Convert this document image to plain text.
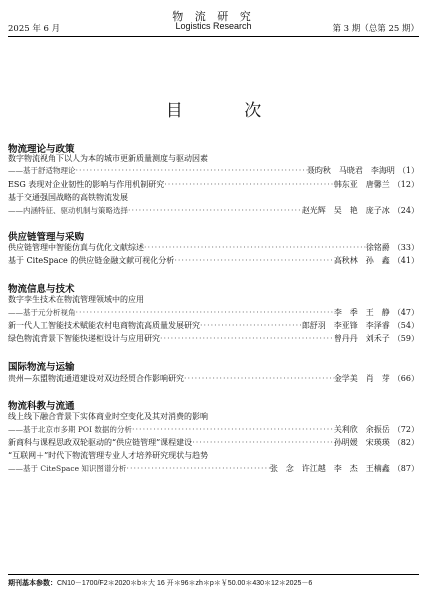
物 流 研 究
Logistics Research
2025 年 6 月	第 3 期（总第 25 期）
目 次
物流理论与政策
数字物流视角下以人为本的城市更新质量测度与驱动因素
——基于舒适物理论	聂昀秋　马晓君　李海明 （1）
·····
ESG 表现对企业韧性的影响与作用机制研究	韩东亚　唐馨兰 （12）
·····
基于交通强国战略的高铁物流发展
——内涵特征、驱动机制与策略选择	赵光辉　吴　艳　庞子冰 （24）
·····
供应链管理与采购
供应链管理中智能仿真与优化文献综述	徐铭爵 （33）
·····
基于 CiteSpace 的供应链金融文献可视化分析	高秋林　孙　鑫 （41）
·····
物流信息与技术
数字孪生技术在物流管理领域中的应用
——基于元分析视角	李　季　王　静 （47）
·····
新一代人工智能技术赋能农村电商物流高质量发展研究	郎舒羽　李亚锋　李泽睿 （54）
·····
绿色物流背景下智能快递柜设计与应用研究	曾丹丹　刘禾子 （59）
·····
国际物流与运输
贵州—东盟物流通道建设对双边经贸合作影响研究	金学美　肖　芽 （66）
·····
物流科教与流通
线上线下融合背景下实体商业时空变化及其对消费的影响
——基于北京市多期 POI 数据的分析	关利欣　余振岳 （72）
·····
新商科与课程思政双轮驱动的“供应链管理”课程建设	孙明媛　宋瑛瑛 （82）
·····
“互联网＋”时代下物流管理专业人才培养研究现状与趋势
——基于 CiteSpace 知识图谱分析	张　念　许江越　李　杰　王楠鑫 （87）
·····
期刊基本参数：CN10－1700/F2＊2020＊b＊大 16 开＊96＊zh＊p＊￥50.00＊430＊12＊2025－6
